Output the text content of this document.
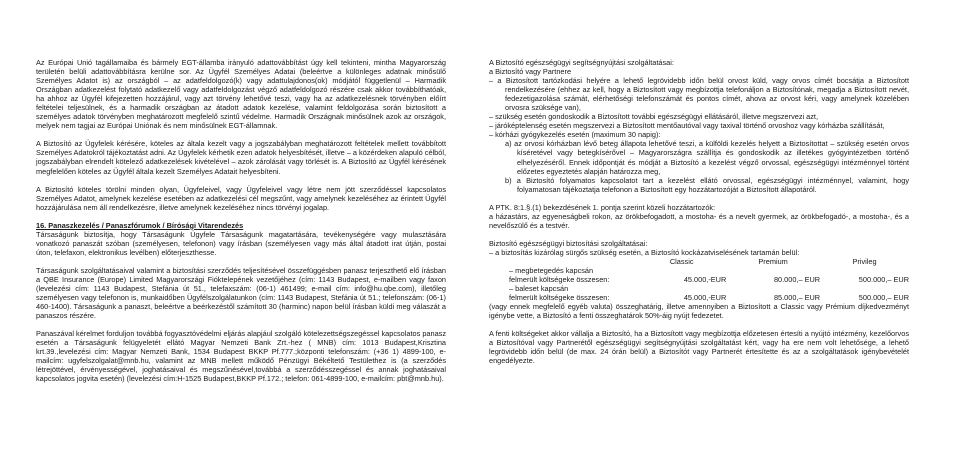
Az Európai Unió tagállamaiba és bármely EGT-államba irányuló adattovábbítást úgy kell tekinteni, mintha Magyarország területén belüli adattovábbításra kerülne sor. Az Ügyfél Személyes Adatai (beleértve a különleges adatnak minősülő Személyes Adatot is) az országból – az adatfeldolgozó(k) vagy adattulajdonos(ok) módjától függetlenül – Harmadik Országban adatkezelést folytató adatkezelő vagy adatfeldolgozást végző adatfeldolgozó részére csak akkor továbbíthatóak, ha ahhoz az Ügyfél kifejezetten hozzájárul, vagy azt törvény lehetővé teszi, vagy ha az adatkezelésnek törvényben előírt feltételei teljesülnek, és a harmadik országban az átadott adatok kezelése, valamint feldolgozása során biztosított a személyes adatok törvényben meghatározott megfelelő szintű védelme. Harmadik Országnak minősülnek azok az országok, melyek nem tagjai az Európai Uniónak és nem minősülnek EGT-államnak.

A Biztosító az Ügyfelek kérésére, köteles az általa kezelt vagy a jogszabályban meghatározott feltételek mellett továbbított Személyes Adatokról tájékoztatást adni. Az Ügyfelek kérhetik ezen adatok helyesbítését, illetve – a közérdeken alapuló célból, jogszabályban elrendelt kötelező adatkezelések kivételével – azok zárolását vagy törlését is. A Biztosító az Ügyfél kérésének megfelelően köteles az Ügyfél általa kezelt Személyes Adatait helyesbíteni.

A Biztosító köteles törölni minden olyan, Ügyfeleivel, vagy Ügyfeleivel vagy létre nem jött szerződéssel kapcsolatos Személyes Adatot, amelynek kezelése esetében az adatkezelési cél megszűnt, vagy amelynek kezeléséhez az érintett Ügyfél hozzájárulása nem áll rendelkezésre, illetve amelynek kezeléséhez nincs törvényi jogalap.

16. Panaszkezelés / Panaszfórumok / Bírósági Vitarendezés

Társaságunk biztosítja, hogy Társaságunk Ügyfele Társaságunk magatartására, tevékenységére vagy mulasztására vonatkozó panaszát szóban (személyesen, telefonon) vagy írásban (személyesen vagy más által átadott irat útján, postai úton, telefaxon, elektronikus levélben) előterjeszthesse.

Társaságunk szolgáltatásaival valamint a biztosítási szerződés teljesítésével összefüggésben panasz terjeszthető elő írásban a QBE Insurance (Europe) Limited Magyarországi Fióktelepének vezetőjéhez (cím: 1143 Budapest, e-mailben vagy faxon (levelezési cím: 1143 Budapest, Stefánia út 51., telefaxszám: (06-1) 461499; e-mail cím: info@hu.qbe.com), illetőleg személyesen vagy telefonon is, munkaidőben Ügyfélszolgálatunkon (cím: 1143 Budapest, Stefánia út 51.; telefonszám: (06-1) 460-1400). Társaságunk a panaszt, beleértve a beérkezéstől számított 30 (harminc) napon belül írásban küldi meg válaszát a panaszos részére.

Panaszával kérelmet forduljon továbbá fogyasztóvédelmi eljárás alapjául szolgáló kötelezettségszegéssel kapcsolatos panasz esetén a Társaságunk felügyeletét ellátó Magyar Nemzeti Bank Zrt.-hez ( MNB) cím: 1013 Budapest,Krisztina krt.39.,levelezési cím: Magyar Nemzeti Bank, 1534 Budapest BKKP Pf.777.;központi telefonszám: (+36 1) 4899-100, e-mailcím: ugyfelszolgalat@mnb.hu, valamint az MNB mellett működő Pénzügyi Békéltető Testülethez is (a szerződés létrejöttével, érvényességével, joghatásaival és megszűnésével,továbbá a szerződésszegéssel és annak joghatásaival kapcsolatos jogvita esetén) (levelezési cím:H-1525 Budapest,BKKP Pf.172.; telefon: 061-4899-100, e-mailcím: pbt@mnb.hu).

A Biztosító egészségügyi segítségnyújtási szolgáltatásai:
a Biztosító vagy Partnere
– a Biztosított tartózkodási helyére a lehető legrövidebb időn belül orvost küld, vagy orvos címét bocsátja a Biztosított rendelkezésére (ehhez az kell, hogy a Biztosított vagy megbízottja telefonáljon a Biztosítónak, megadja a Biztosított nevét, fedezetigazolása számát, elérhetőségi telefonszámát és pontos címét, ahova az orvost kéri, vagy amelynek közelében orvosra szüksége van),
– szükség esetén gondoskodik a Biztosított további egészségügyi ellátásáról, illetve megszervezi azt,
– járóképtelenség esetén megszervezi a Biztosított mentőautóval vagy taxival történő orvoshoz vagy kórházba szállítását,
– kórházi gyógykezelés esetén (maximum 30 napig):
a) az orvosi kórházban lévő beteg állapota lehetővé teszi, a külföldi kezelés helyett a Biztosítottat – szükség esetén orvos kíséretével vagy betegkísérővel – Magyarországra szállítja és gondoskodik az illetékes gyógyintézetben történő elhelyezéséről. Ennek időpontját és módját a Biztosító a kezelést végző orvossal, egészségügyi intézménnyel történt előzetes egyeztetés alapján határozza meg,
b) a Biztosító folyamatos kapcsolatot tart a kezelést ellátó orvossal, egészségügyi intézménnyel, valamint, hogy folyamatosan tájékoztatja telefonon a Biztosított egy hozzátartozóját a Biztosított állapotáról.
A PTK. 8:1.§.(1) bekezdésének 1. pontja szerint közeli hozzátartozók:
a házastárs, az egyeneságbeli rokon, az örökbefogadott, a mostoha- és a nevelt gyermek, az örökbefogadó-, a mostoha-, és a nevelőszülő és a testvér.
Biztosító egészségügyi biztosítási szolgáltatásai:
– a biztosítás kizárólag sürgős szükség esetén, a Biztosító kockázatviselésének tartamán belül:
Classic	Premium	Privileg
– megbetegedés kapcsán
felmerült költségeke összesen:	45.000,-EUR	80.000,– EUR	500.000,– EUR
– baleset kapcsán
felmerült költségeke összesen:	45.000,-EUR	85.000,– EUR	500.000,– EUR
(vagy ennek megfelelő egyéb valuta) összeghatárig, illetve amennyiben a Biztosított a Classic vagy Prémium díjkedvezményt igénybe vette, a Biztosító a fenti összeghatárok 50%-áig nyújt fedezetet.
A fenti költségeket akkor vállalja a Biztosító, ha a Biztosított vagy megbízottja előzetesen értesíti a nyújtó intézmény, kezelőorvos a Biztosítóval vagy Partnerétől egészségügyi segítségnyújtási szolgáltatást kért, vagy ha ere nem volt lehetősége, a lehető legrövidebb időn belül (de max. 24 órán belül) a Biztosítót vagy Partnerét értesítette és az a szolgáltatások igénybevételét engedélyezte.
